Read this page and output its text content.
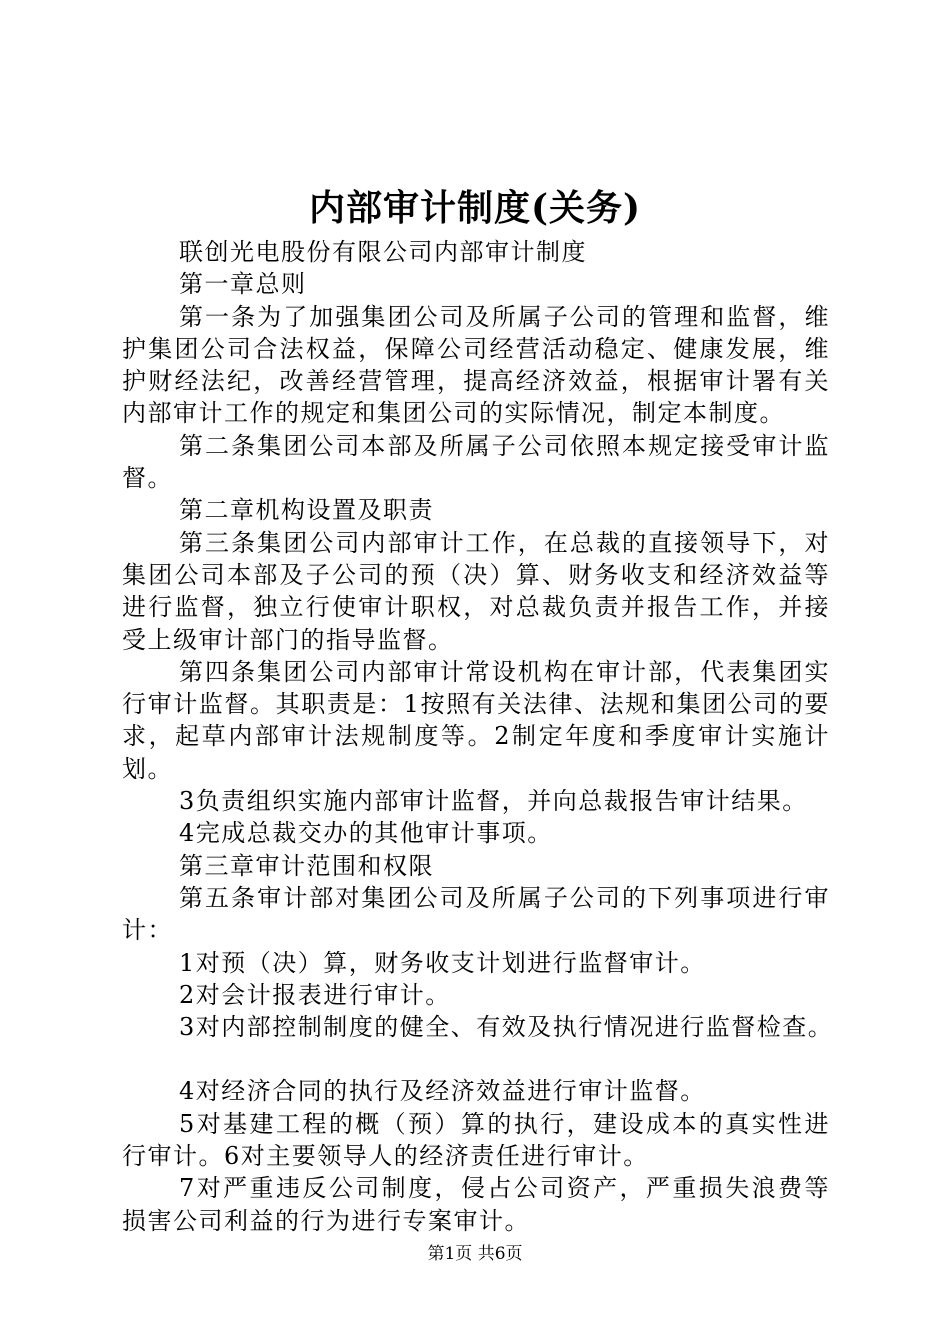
内部审计制度(关务)

联创光电股份有限公司内部审计制度

第一章总则

第一条为了加强集团公司及所属子公司的管理和监督，维护集团公司合法权益，保障公司经营活动稳定、健康发展，维护财经法纪，改善经营管理，提高经济效益，根据审计署有关内部审计工作的规定和集团公司的实际情况，制定本制度。

第二条集团公司本部及所属子公司依照本规定接受审计监督。

第二章机构设置及职责

第三条集团公司内部审计工作，在总裁的直接领导下，对集团公司本部及子公司的预（决）算、财务收支和经济效益等进行监督，独立行使审计职权，对总裁负责并报告工作，并接受上级审计部门的指导监督。

第四条集团公司内部审计常设机构在审计部，代表集团实行审计监督。其职责是：1按照有关法律、法规和集团公司的要求，起草内部审计法规制度等。2制定年度和季度审计实施计划。

3负责组织实施内部审计监督，并向总裁报告审计结果。

4完成总裁交办的其他审计事项。

第三章审计范围和权限

第五条审计部对集团公司及所属子公司的下列事项进行审计：

1对预（决）算，财务收支计划进行监督审计。

2对会计报表进行审计。

3对内部控制制度的健全、有效及执行情况进行监督检查。

4对经济合同的执行及经济效益进行审计监督。

5对基建工程的概（预）算的执行，建设成本的真实性进行审计。6对主要领导人的经济责任进行审计。

7对严重违反公司制度，侵占公司资产，严重损失浪费等损害公司利益的行为进行专案审计。

第1页 共6页
